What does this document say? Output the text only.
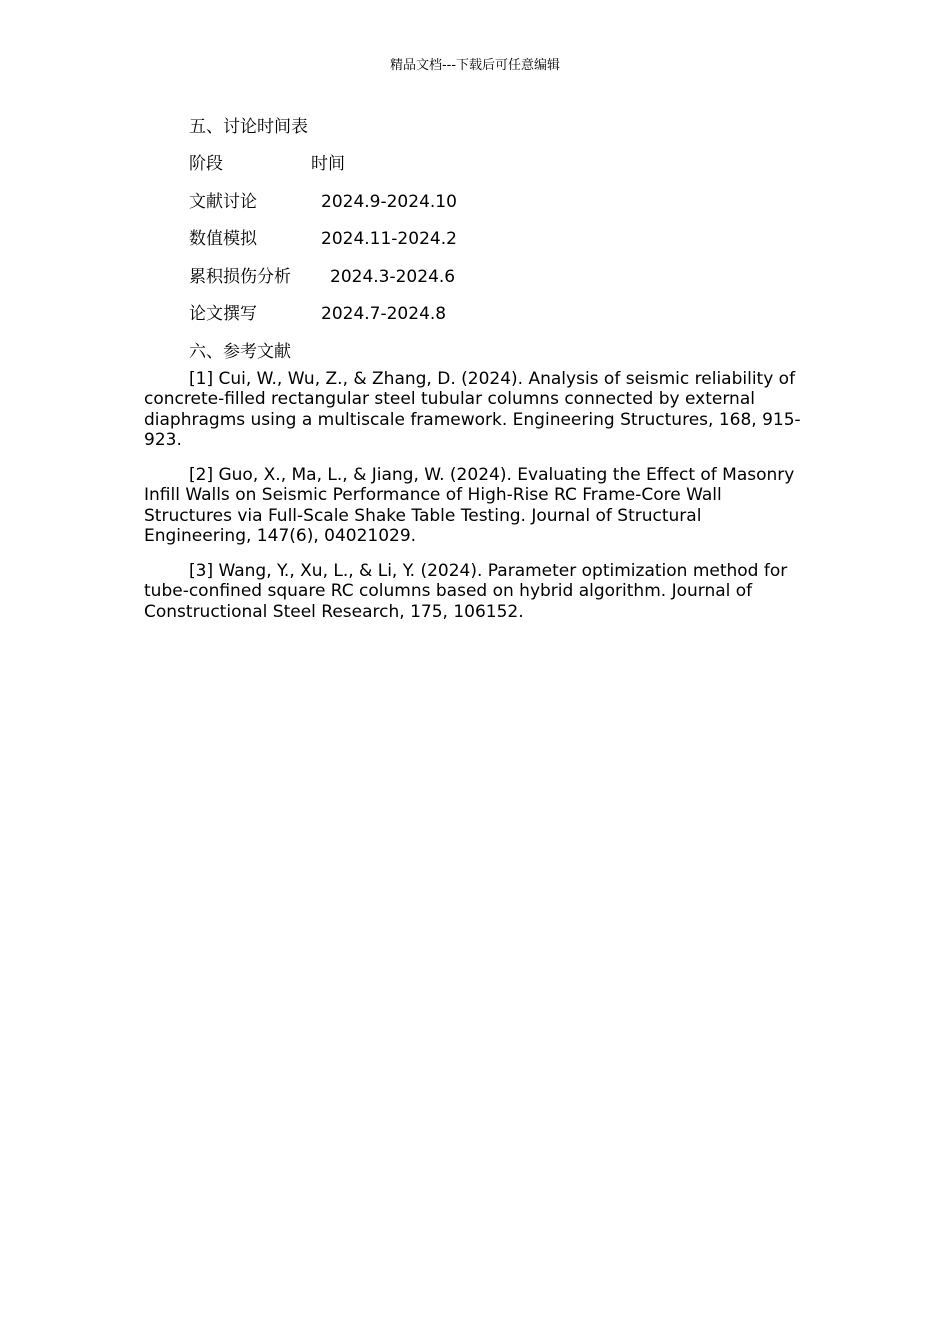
精品文档---下载后可任意编辑
五、讨论时间表
阶段	时间
文献讨论	2024.9-2024.10
数值模拟	2024.11-2024.2
累积损伤分析 2024.3-2024.6
论文撰写	2024.7-2024.8
六、参考文献

[1] Cui, W., Wu, Z., & Zhang, D. (2024). Analysis of seismic reliability of concrete-filled rectangular steel tubular columns connected by external diaphragms using a multiscale framework. Engineering Structures, 168, 915-923.

[2] Guo, X., Ma, L., & Jiang, W. (2024). Evaluating the Effect of Masonry Infill Walls on Seismic Performance of High-Rise RC Frame-Core Wall Structures via Full-Scale Shake Table Testing. Journal of Structural Engineering, 147(6), 04021029.

[3] Wang, Y., Xu, L., & Li, Y. (2024). Parameter optimization method for tube-confined square RC columns based on hybrid algorithm. Journal of Constructional Steel Research, 175, 106152.
